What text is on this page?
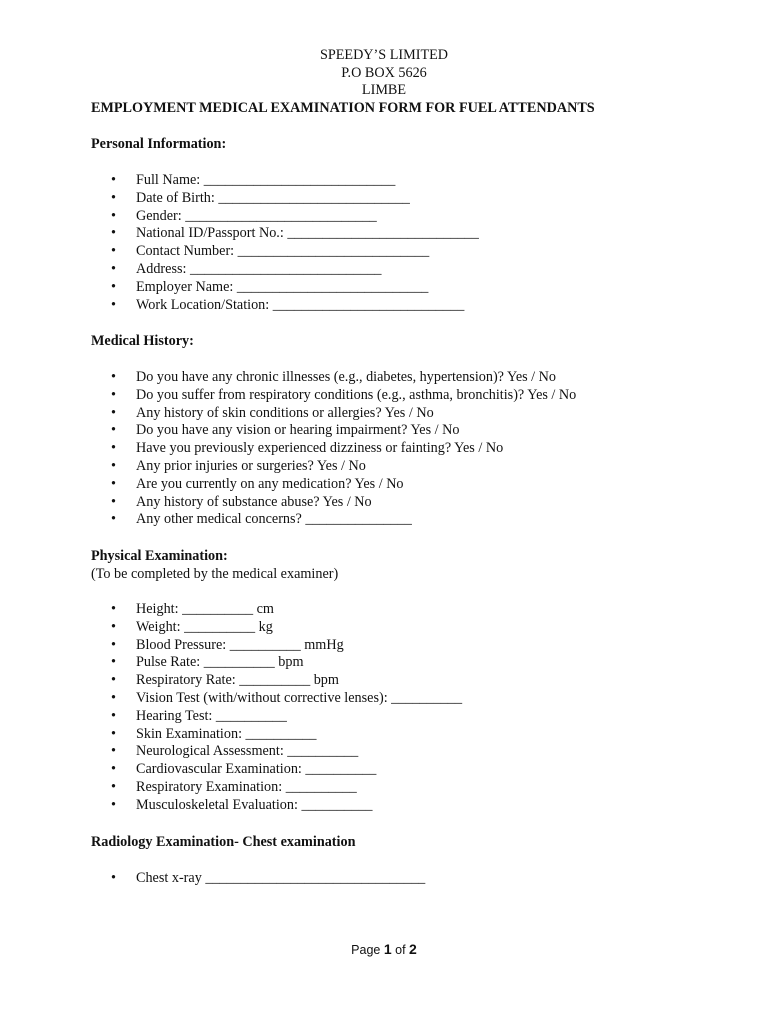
SPEEDY’S LIMITED
P.O BOX 5626
LIMBE
EMPLOYMENT MEDICAL EXAMINATION FORM FOR FUEL ATTENDANTS
Personal Information:
• Full Name: ___________________________
• Date of Birth: ___________________________
• Gender: ___________________________
• National ID/Passport No.: ___________________________
• Contact Number: ___________________________
• Address: ___________________________
• Employer Name: ___________________________
• Work Location/Station: ___________________________
Medical History:
• Do you have any chronic illnesses (e.g., diabetes, hypertension)? Yes / No
• Do you suffer from respiratory conditions (e.g., asthma, bronchitis)? Yes / No
• Any history of skin conditions or allergies? Yes / No
• Do you have any vision or hearing impairment? Yes / No
• Have you previously experienced dizziness or fainting? Yes / No
• Any prior injuries or surgeries? Yes / No
• Are you currently on any medication? Yes / No
• Any history of substance abuse? Yes / No
• Any other medical concerns? _______________
Physical Examination:
(To be completed by the medical examiner)
• Height: __________ cm
• Weight: __________ kg
• Blood Pressure: __________ mmHg
• Pulse Rate: __________ bpm
• Respiratory Rate: __________ bpm
• Vision Test (with/without corrective lenses): __________
• Hearing Test: __________
• Skin Examination: __________
• Neurological Assessment: __________
• Cardiovascular Examination: __________
• Respiratory Examination: __________
• Musculoskeletal Evaluation: __________
Radiology Examination- Chest examination
• Chest x-ray _______________________________
Page 1 of 2
